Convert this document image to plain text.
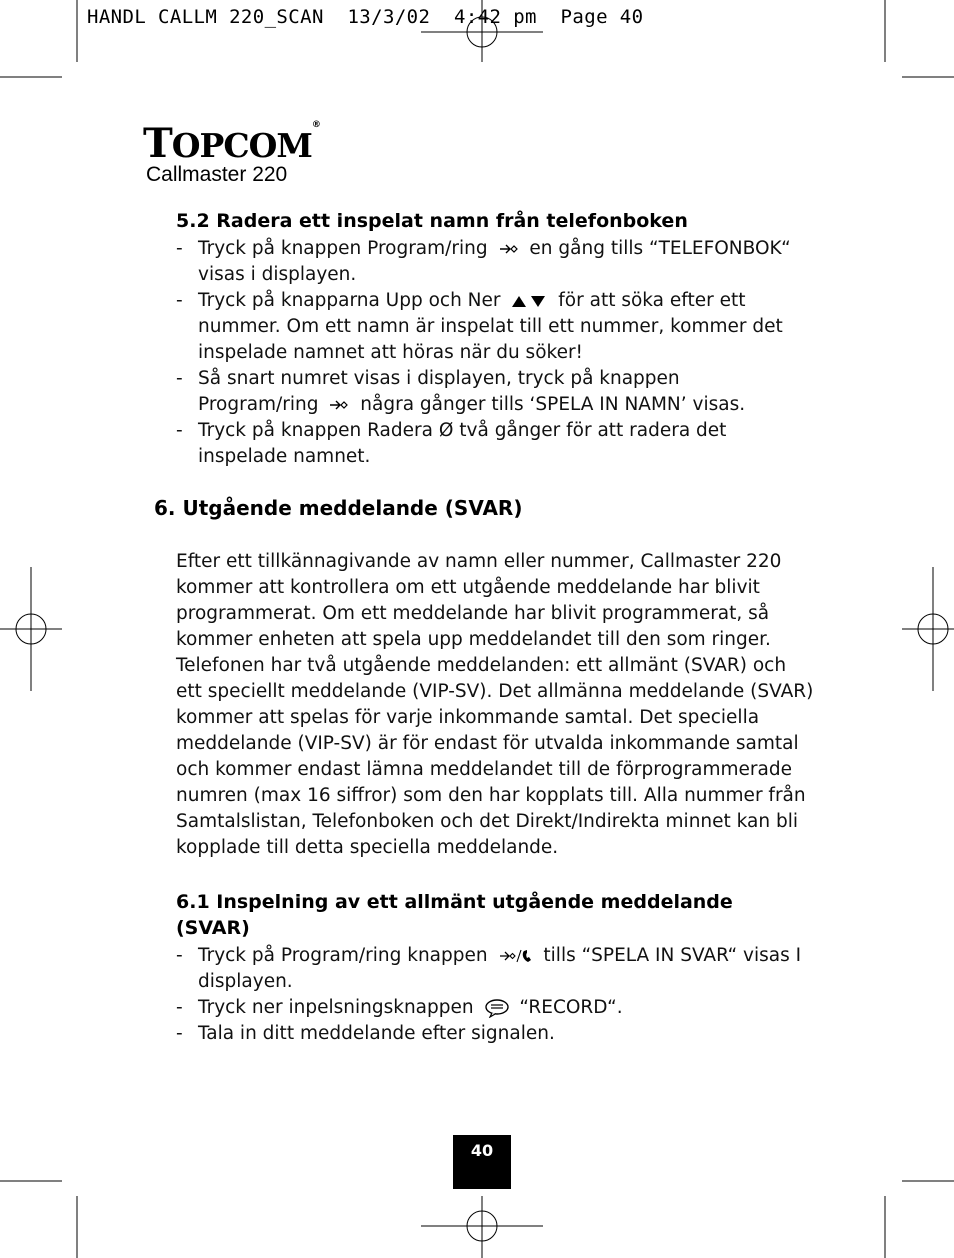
HANDL CALLM 220_SCAN  13/3/02  4:42 pm  Page 40
TOPCOM®
Callmaster 220
5.2 Radera ett inspelat namn från telefonboken
- Tryck på knappen Program/ring en gång tills “TELEFONBOK“ visas i displayen.
- Tryck på knapparna Upp och Ner	för att söka efter ett nummer. Om ett namn är inspelat till ett nummer, kommer det inspelade namnet att höras när du söker!
- Så snart numret visas i displayen, tryck på knappen Program/ring några gånger tills ‘SPELA IN NAMN’ visas.
- Tryck på knappen Radera Ø två gånger för att radera det inspelade namnet.
6. Utgående meddelande (SVAR)

Efter ett tillkännagivande av namn eller nummer, Callmaster 220 kommer att kontrollera om ett utgående meddelande har blivit programmerat. Om ett meddelande har blivit programmerat, så kommer enheten att spela upp meddelandet till den som ringer. Telefonen har två utgående meddelanden: ett allmänt (SVAR) och ett speciellt meddelande (VIP-SV). Det allmänna meddelande (SVAR) kommer att spelas för varje inkommande samtal. Det speciella meddelande (VIP-SV) är för endast för utvalda inkommande samtal och kommer endast lämna meddelandet till de förprogrammerade numren (max 16 siffror) som den har kopplats till. Alla nummer från Samtalslistan, Telefonboken och det Direkt/Indirekta minnet kan bli kopplade till detta speciella meddelande.

6.1 Inspelning av ett allmänt utgående meddelande (SVAR)
- Tryck på Program/ring knappen	tills “SPELA IN SVAR“ visas I displayen.
- Tryck ner inpelsningsknappen “RECORD“.
- Tala in ditt meddelande efter signalen.
40
